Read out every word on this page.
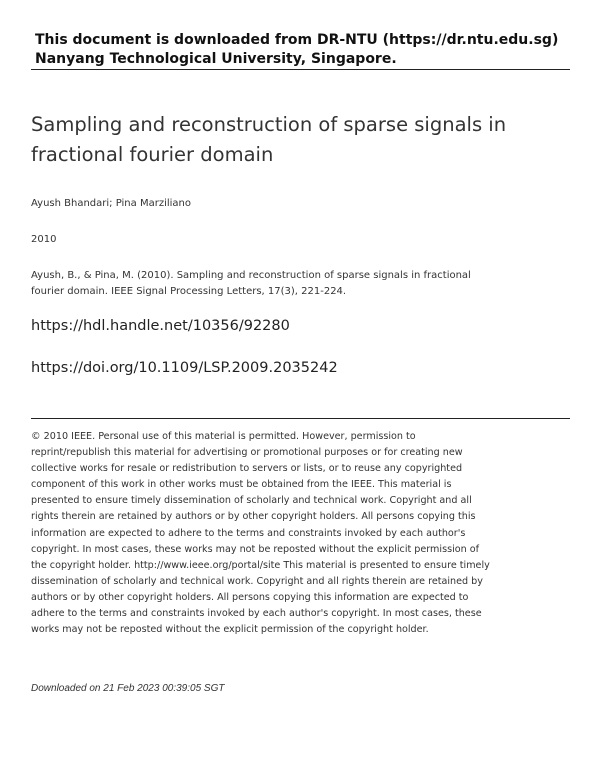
This document is downloaded from DR-NTU (https://dr.ntu.edu.sg)
Nanyang Technological University, Singapore.
Sampling and reconstruction of sparse signals in fractional fourier domain
Ayush Bhandari; Pina Marziliano
2010
Ayush, B., & Pina, M. (2010). Sampling and reconstruction of sparse signals in fractional fourier domain. IEEE Signal Processing Letters, 17(3), 221-224.
https://hdl.handle.net/10356/92280
https://doi.org/10.1109/LSP.2009.2035242
© 2010 IEEE. Personal use of this material is permitted. However, permission to reprint/republish this material for advertising or promotional purposes or for creating new collective works for resale or redistribution to servers or lists, or to reuse any copyrighted component of this work in other works must be obtained from the IEEE. This material is presented to ensure timely dissemination of scholarly and technical work. Copyright and all rights therein are retained by authors or by other copyright holders. All persons copying this information are expected to adhere to the terms and constraints invoked by each author's copyright. In most cases, these works may not be reposted without the explicit permission of the copyright holder. http://www.ieee.org/portal/site This material is presented to ensure timely dissemination of scholarly and technical work. Copyright and all rights therein are retained by authors or by other copyright holders. All persons copying this information are expected to adhere to the terms and constraints invoked by each author's copyright. In most cases, these works may not be reposted without the explicit permission of the copyright holder.
Downloaded on 21 Feb 2023 00:39:05 SGT
